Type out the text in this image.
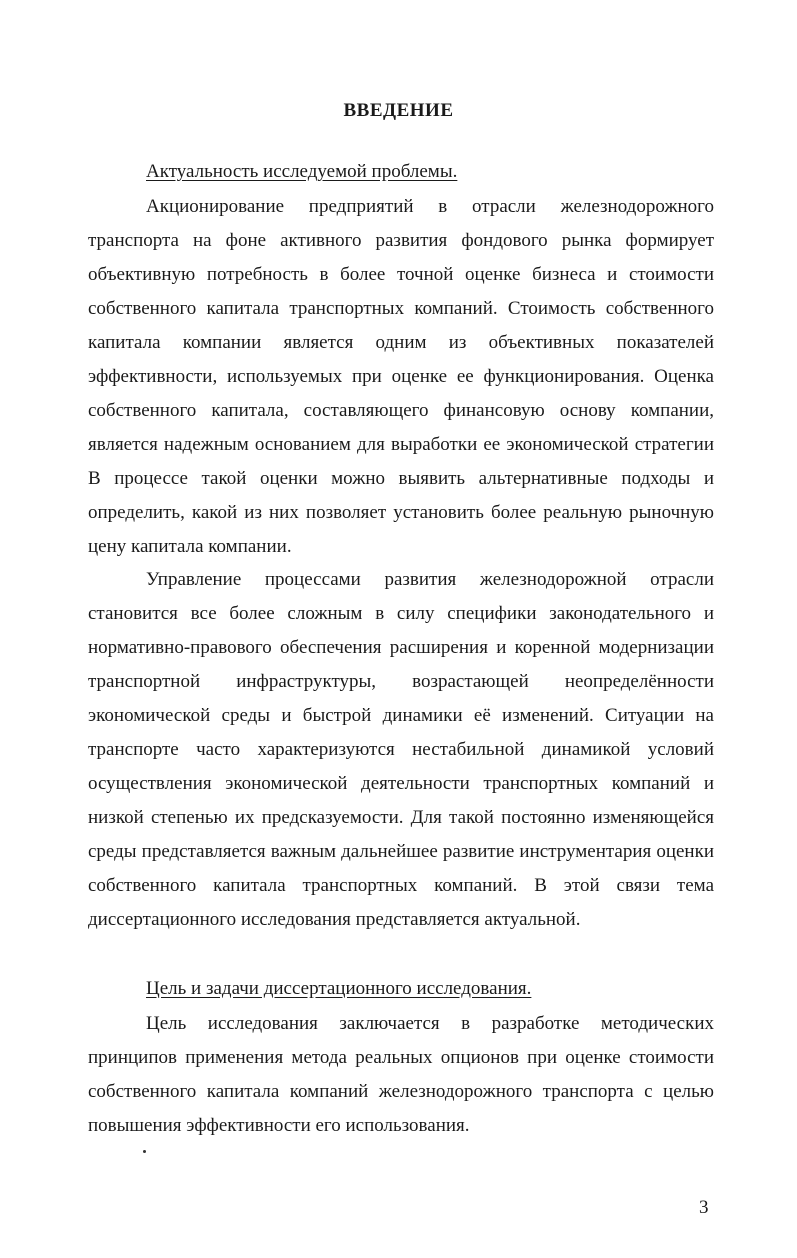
ВВЕДЕНИЕ
Актуальность исследуемой проблемы.

Акционирование предприятий в отрасли железнодорожного транспорта на фоне активного развития фондового рынка формирует объективную потребность в более точной оценке бизнеса и стоимости собственного капитала транспортных компаний. Стоимость собственного капитала компании является одним из объективных показателей эффективности, используемых при оценке ее функционирования. Оценка собственного капитала, составляющего финансовую основу компании, является надежным основанием для выработки ее экономической стратегии В процессе такой оценки можно выявить альтернативные подходы и определить, какой из них позволяет установить более реальную рыночную цену капитала компании.

Управление процессами развития железнодорожной отрасли становится все более сложным в силу специфики законодательного и нормативно-правового обеспечения расширения и коренной модернизации транспортной инфраструктуры, возрастающей неопределённости экономической среды и быстрой динамики её изменений. Ситуации на транспорте часто характеризуются нестабильной динамикой условий осуществления экономической деятельности транспортных компаний и низкой степенью их предсказуемости. Для такой постоянно изменяющейся среды представляется важным дальнейшее развитие инструментария оценки собственного капитала транспортных компаний. В этой связи тема диссертационного исследования представляется актуальной.

Цель и задачи диссертационного исследования.

Цель исследования заключается в разработке методических принципов применения метода реальных опционов при оценке стоимости собственного капитала компаний железнодорожного транспорта с целью повышения эффективности его использования.

3
